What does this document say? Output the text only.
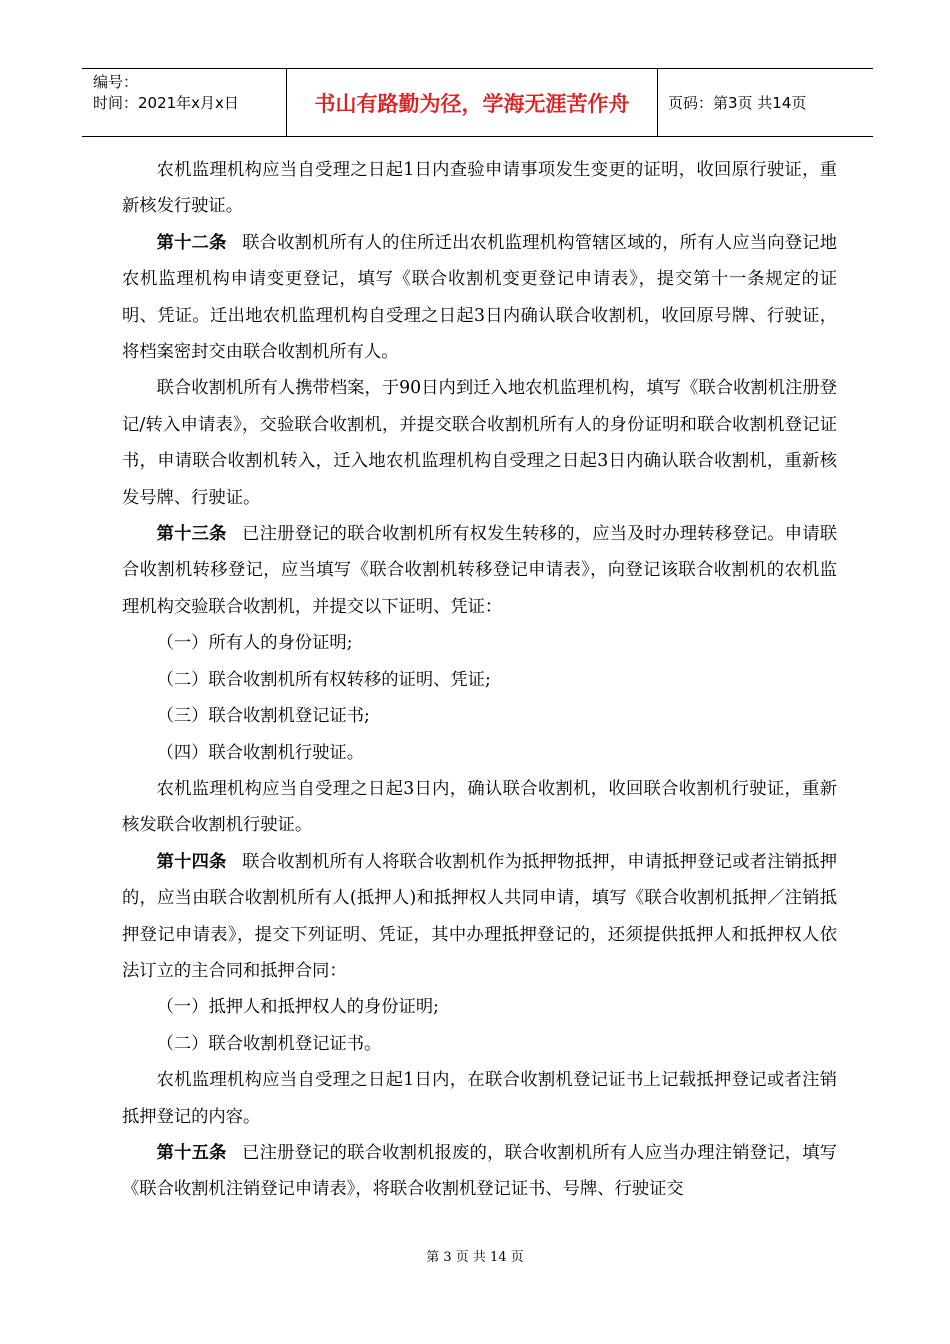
编号：
时间：2021年x月x日	书山有路勤为径，学海无涯苦作舟	页码：第3页 共14页

农机监理机构应当自受理之日起1日内查验申请事项发生变更的证明，收回原行驶证，重新核发行驶证。

第十二条 联合收割机所有人的住所迁出农机监理机构管辖区域的，所有人应当向登记地农机监理机构申请变更登记，填写《联合收割机变更登记申请表》，提交第十一条规定的证明、凭证。迁出地农机监理机构自受理之日起3日内确认联合收割机，收回原号牌、行驶证，将档案密封交由联合收割机所有人。

联合收割机所有人携带档案，于90日内到迁入地农机监理机构，填写《联合收割机注册登记/转入申请表》，交验联合收割机，并提交联合收割机所有人的身份证明和联合收割机登记证书，申请联合收割机转入，迁入地农机监理机构自受理之日起3日内确认联合收割机，重新核发号牌、行驶证。

第十三条 已注册登记的联合收割机所有权发生转移的，应当及时办理转移登记。申请联合收割机转移登记，应当填写《联合收割机转移登记申请表》，向登记该联合收割机的农机监理机构交验联合收割机，并提交以下证明、凭证：

（一）所有人的身份证明;

（二）联合收割机所有权转移的证明、凭证;

（三）联合收割机登记证书;

（四）联合收割机行驶证。

农机监理机构应当自受理之日起3日内，确认联合收割机，收回联合收割机行驶证，重新核发联合收割机行驶证。

第十四条 联合收割机所有人将联合收割机作为抵押物抵押，申请抵押登记或者注销抵押的，应当由联合收割机所有人(抵押人)和抵押权人共同申请，填写《联合收割机抵押／注销抵押登记申请表》，提交下列证明、凭证，其中办理抵押登记的，还须提供抵押人和抵押权人依法订立的主合同和抵押合同：

（一）抵押人和抵押权人的身份证明;

（二）联合收割机登记证书。

农机监理机构应当自受理之日起1日内，在联合收割机登记证书上记载抵押登记或者注销抵押登记的内容。

第十五条 已注册登记的联合收割机报废的，联合收割机所有人应当办理注销登记，填写《联合收割机注销登记申请表》，将联合收割机登记证书、号牌、行驶证交

第 3 页 共 14 页
